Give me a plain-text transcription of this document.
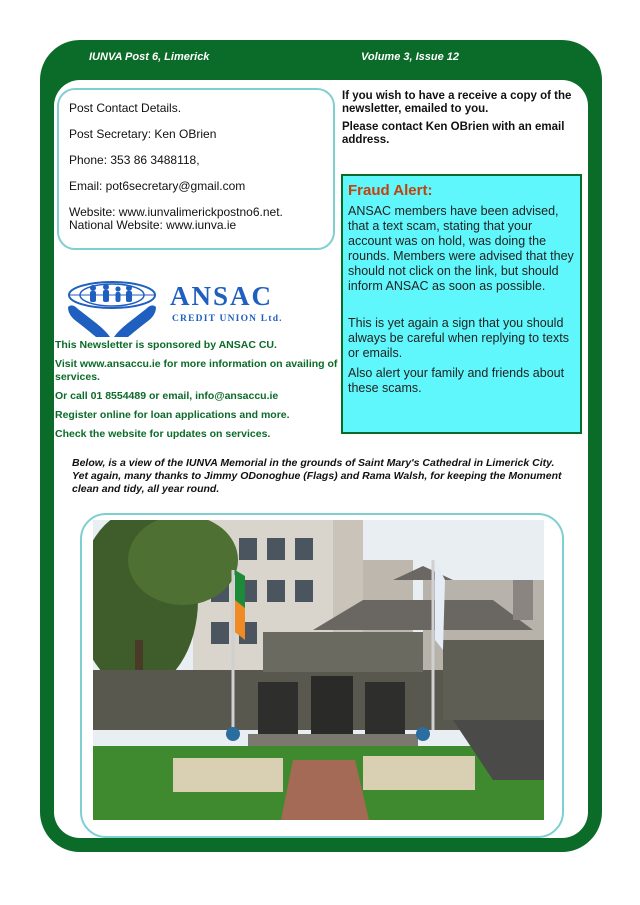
IUNVA Post 6, Limerick	Volume 3, Issue 12

Post Contact Details.

Post Secretary: Ken OBrien

Phone: 353 86 3488118,

Email: pot6secretary@gmail.com

Website: www.iunvalimerickpostno6.net.

National Website: www.iunva.ie

If you wish to have a receive a copy of the newsletter, emailed to you.

Please contact Ken OBrien with an email address.

Fraud Alert:

ANSAC members have been advised, that a text scam, stating that your account was on hold, was doing the rounds. Members were advised that they should not click on the link, but should inform ANSAC as soon as possible.

This is yet again a sign that you should always be careful when replying to texts or emails.

Also alert your family and friends about these scams.

ANSAC
CREDIT UNION Ltd.

This Newsletter is sponsored by ANSAC CU.

Visit www.ansaccu.ie for more information on availing of services.

Or call 01 8554489 or email, info@ansaccu.ie

Register online for loan applications and more.

Check the website for updates on services.

Below, is a view of the IUNVA Memorial in the grounds of Saint Mary's Cathedral in Limerick City. Yet again, many thanks to Jimmy ODonoghue (Flags) and Rama Walsh, for keeping the Monument clean and tidy, all year round.
